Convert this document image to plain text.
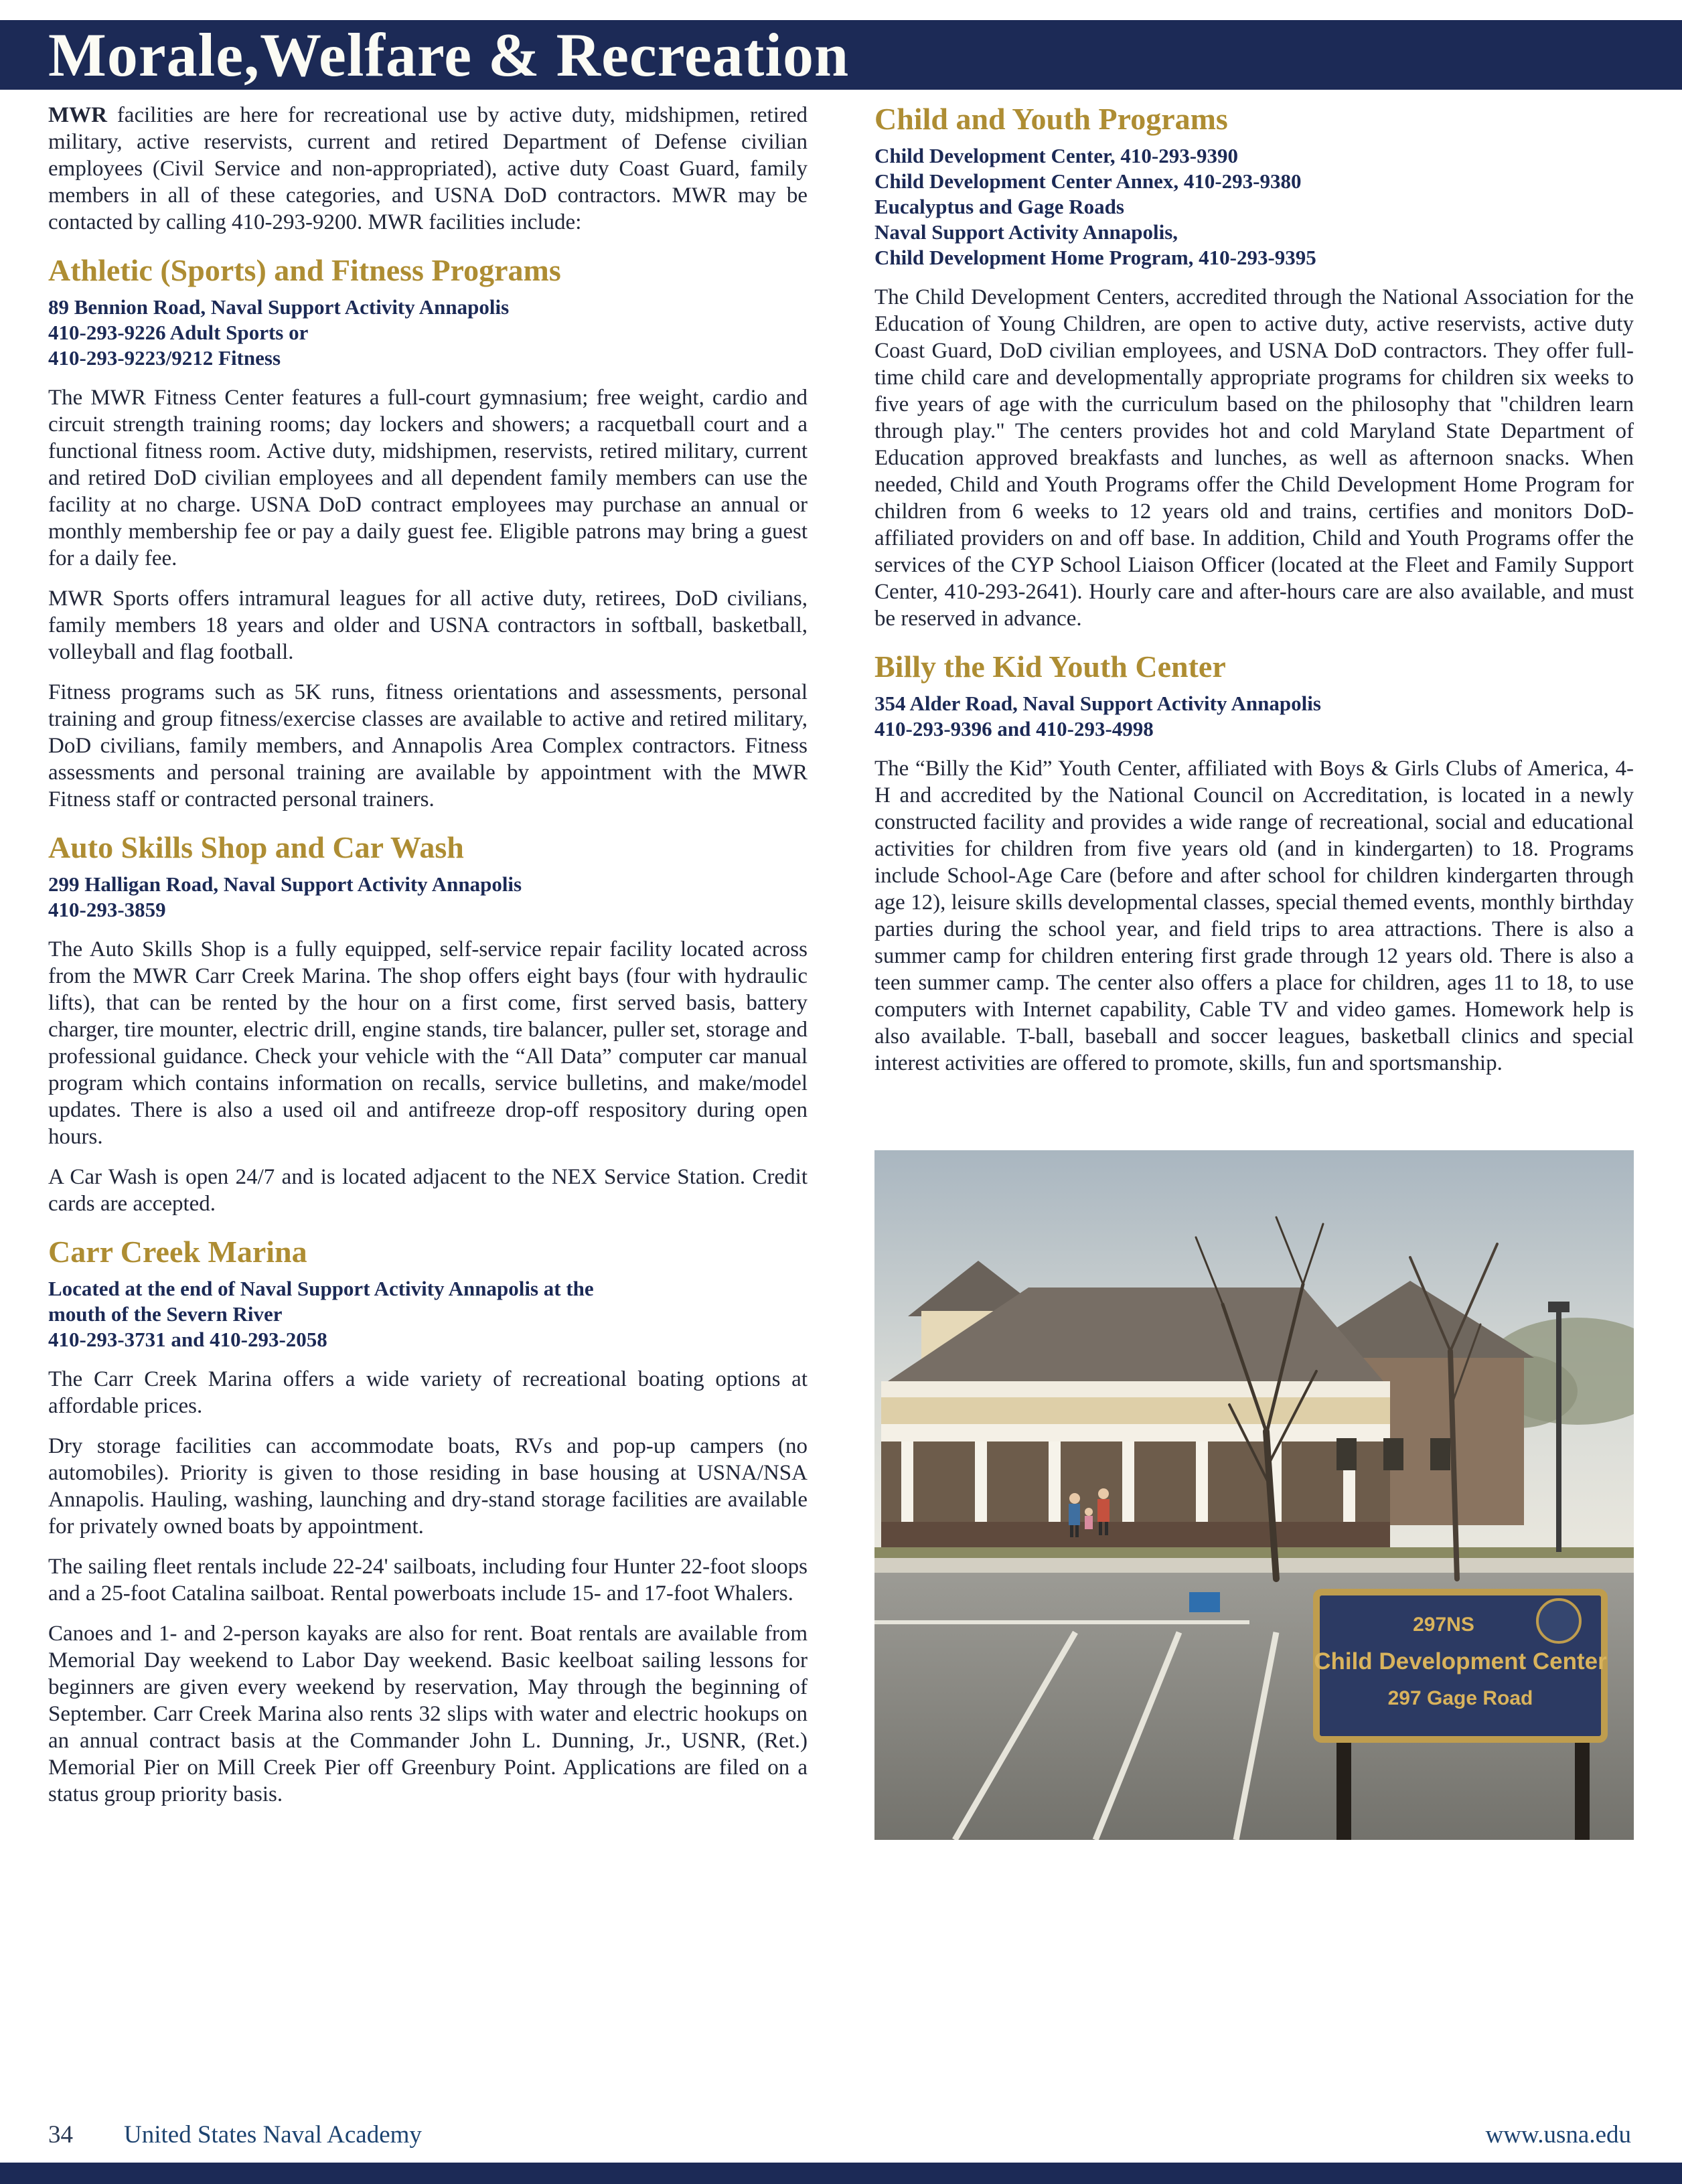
Morale,Welfare & Recreation

MWR facilities are here for recreational use by active duty, midshipmen, retired military, active reservists, current and retired Department of Defense civilian employees (Civil Service and non-appropriated), active duty Coast Guard, family members in all of these categories, and USNA DoD contractors. MWR may be contacted by calling 410-293-9200. MWR facilities include:

Athletic (Sports) and Fitness Programs
89 Bennion Road, Naval Support Activity Annapolis
410-293-9226 Adult Sports or
410-293-9223/9212 Fitness

The MWR Fitness Center features a full-court gymnasium; free weight, cardio and circuit strength training rooms; day lockers and showers; a racquetball court and a functional fitness room. Active duty, midshipmen, reservists, retired military, current and retired DoD civilian employees and all dependent family members can use the facility at no charge. USNA DoD contract employees may purchase an annual or monthly membership fee or pay a daily guest fee. Eligible patrons may bring a guest for a daily fee.

MWR Sports offers intramural leagues for all active duty, retirees, DoD civilians, family members 18 years and older and USNA contractors in softball, basketball, volleyball and flag football.

Fitness programs such as 5K runs, fitness orientations and assessments, personal training and group fitness/exercise classes are available to active and retired military, DoD civilians, family members, and Annapolis Area Complex contractors. Fitness assessments and personal training are available by appointment with the MWR Fitness staff or contracted personal trainers.

Auto Skills Shop and Car Wash
299 Halligan Road, Naval Support Activity Annapolis
410-293-3859

The Auto Skills Shop is a fully equipped, self-service repair facility located across from the MWR Carr Creek Marina. The shop offers eight bays (four with hydraulic lifts), that can be rented by the hour on a first come, first served basis, battery charger, tire mounter, electric drill, engine stands, tire balancer, puller set, storage and professional guidance. Check your vehicle with the “All Data” computer car manual program which contains information on recalls, service bulletins, and make/model updates. There is also a used oil and antifreeze drop-off respository during open hours.

A Car Wash is open 24/7 and is located adjacent to the NEX Service Station. Credit cards are accepted.

Carr Creek Marina
Located at the end of Naval Support Activity Annapolis at the
mouth of the Severn River
410-293-3731 and 410-293-2058

The Carr Creek Marina offers a wide variety of recreational boating options at affordable prices.

Dry storage facilities can accommodate boats, RVs and pop-up campers (no automobiles). Priority is given to those residing in base housing at USNA/NSA Annapolis. Hauling, washing, launching and dry-stand storage facilities are available for privately owned boats by appointment.

The sailing fleet rentals include 22-24' sailboats, including four Hunter 22-foot sloops and a 25-foot Catalina sailboat. Rental powerboats include 15- and 17-foot Whalers.

Canoes and 1- and 2-person kayaks are also for rent. Boat rentals are available from Memorial Day weekend to Labor Day weekend. Basic keelboat sailing lessons for beginners are given every weekend by reservation, May through the beginning of September. Carr Creek Marina also rents 32 slips with water and electric hookups on an annual contract basis at the Commander John L. Dunning, Jr., USNR, (Ret.) Memorial Pier on Mill Creek Pier off Greenbury Point. Applications are filed on a status group priority basis.

Child and Youth Programs
Child Development Center, 410-293-9390
Child Development Center Annex, 410-293-9380
Eucalyptus and Gage Roads
Naval Support Activity Annapolis,
Child Development Home Program, 410-293-9395

The Child Development Centers, accredited through the National Association for the Education of Young Children, are open to active duty, active reservists, active duty Coast Guard, DoD civilian employees, and USNA DoD contractors. They offer full-time child care and developmentally appropriate programs for children six weeks to five years of age with the curriculum based on the philosophy that "children learn through play." The centers provides hot and cold Maryland State Department of Education approved breakfasts and lunches, as well as afternoon snacks. When needed, Child and Youth Programs offer the Child Development Home Program for children from 6 weeks to 12 years old and trains, certifies and monitors DoD-affiliated providers on and off base. In addition, Child and Youth Programs offer the services of the CYP School Liaison Officer (located at the Fleet and Family Support Center, 410-293-2641). Hourly care and after-hours care are also available, and must be reserved in advance.

Billy the Kid Youth Center
354 Alder Road, Naval Support Activity Annapolis
410-293-9396 and 410-293-4998

The “Billy the Kid” Youth Center, affiliated with Boys & Girls Clubs of America, 4-H and accredited by the National Council on Accreditation, is located in a newly constructed facility and provides a wide range of recreational, social and educational activities for children from five years old (and in kindergarten) to 18. Programs include School-Age Care (before and after school for children kindergarten through age 12), leisure skills developmental classes, special themed events, monthly birthday parties during the school year, and field trips to area attractions. There is also a summer camp for children entering first grade through 12 years old. There is also a teen summer camp. The center also offers a place for children, ages 11 to 18, to use computers with Internet capability, Cable TV and video games. Homework help is also available. T-ball, baseball and soccer leagues, basketball clinics and special interest activities are offered to promote, skills, fun and sportsmanship.

297NS
Child Development Center
297 Gage Road
34 United States Naval Academy	www.usna.edu
